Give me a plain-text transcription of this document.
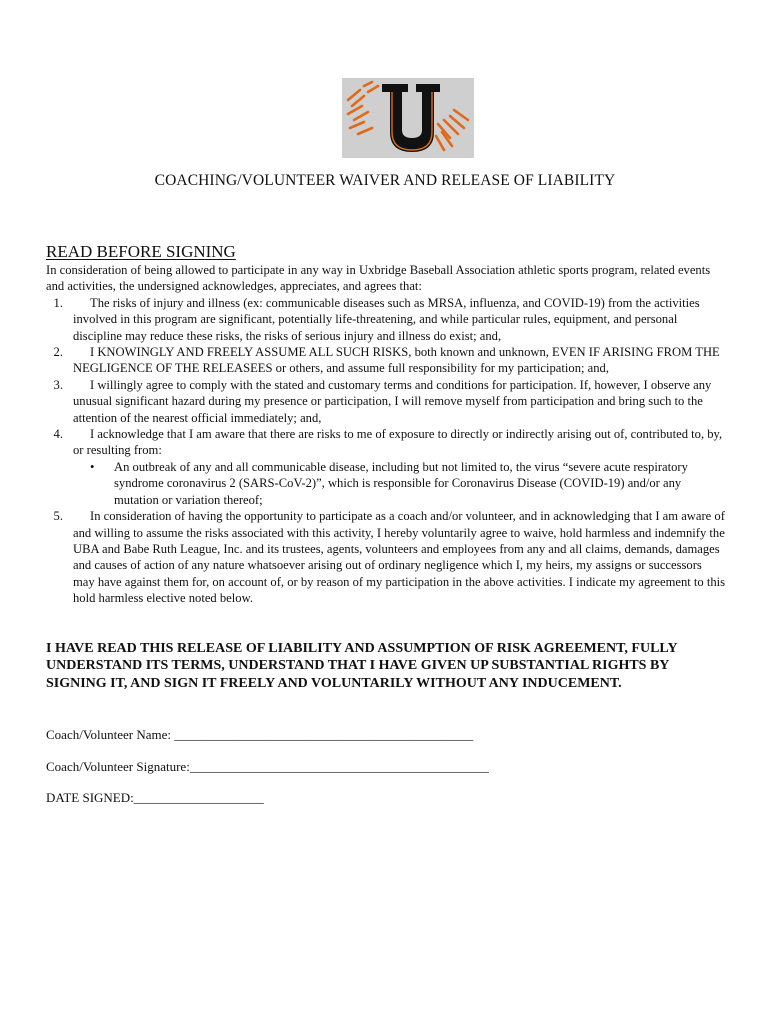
COACHING/VOLUNTEER WAIVER AND RELEASE OF LIABILITY
READ BEFORE SIGNING

In consideration of being allowed to participate in any way in Uxbridge Baseball Association athletic sports program, related events and activities, the undersigned acknowledges, appreciates, and agrees that:

1. The risks of injury and illness (ex: communicable diseases such as MRSA, influenza, and COVID-19) from the activities involved in this program are significant, potentially life-threatening, and while particular rules, equipment, and personal discipline may reduce these risks, the risks of serious injury and illness do exist; and,
2. I KNOWINGLY AND FREELY ASSUME ALL SUCH RISKS, both known and unknown, EVEN IF ARISING FROM THE NEGLIGENCE OF THE RELEASEES or others, and assume full responsibility for my participation; and,
3. I willingly agree to comply with the stated and customary terms and conditions for participation. If, however, I observe any unusual significant hazard during my presence or participation, I will remove myself from participation and bring such to the attention of the nearest official immediately; and,
4. I acknowledge that I am aware that there are risks to me of exposure to directly or indirectly arising out of, contributed to, by, or resulting from:
• An outbreak of any and all communicable disease, including but not limited to, the virus “severe acute respiratory syndrome coronavirus 2 (SARS-CoV-2)”, which is responsible for Coronavirus Disease (COVID-19) and/or any mutation or variation thereof;
5. In consideration of having the opportunity to participate as a coach and/or volunteer, and in acknowledging that I am aware of and willing to assume the risks associated with this activity, I hereby voluntarily agree to waive, hold harmless and indemnify the UBA and Babe Ruth League, Inc. and its trustees, agents, volunteers and employees from any and all claims, demands, damages and causes of action of any nature whatsoever arising out of ordinary negligence which I, my heirs, my assigns or successors may have against them for, on account of, or by reason of my participation in the above activities. I indicate my agreement to this hold harmless elective noted below.
I HAVE READ THIS RELEASE OF LIABILITY AND ASSUMPTION OF RISK AGREEMENT, FULLY UNDERSTAND ITS TERMS, UNDERSTAND THAT I HAVE GIVEN UP SUBSTANTIAL RIGHTS BY SIGNING IT, AND SIGN IT FREELY AND VOLUNTARILY WITHOUT ANY INDUCEMENT.
Coach/Volunteer Name: ______________________________________________
Coach/Volunteer Signature:______________________________________________
DATE SIGNED:____________________
